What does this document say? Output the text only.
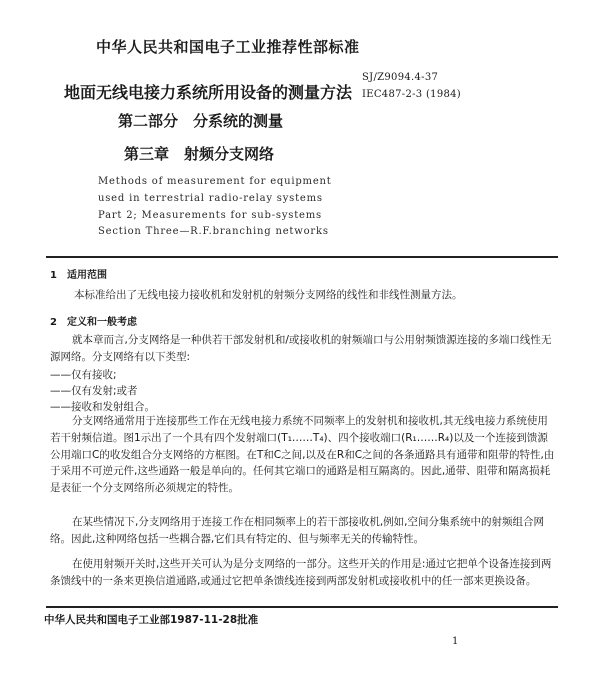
中华人民共和国电子工业推荐性部标准
地面无线电接力系统所用设备的测量方法
SJ/Z9094.4-37
IEC487-2-3 (1984)
第二部分　分系统的测量
第三章　射频分支网络
Methods of measurement for equipment
used in terrestrial radio-relay systems
Part 2; Measurements for sub-systems
Section Three—R.F.branching networks
1　适用范围
本标准给出了无线电接力接收机和发射机的射频分支网络的线性和非线性测量方法。
2　定义和一般考虑
就本章而言,分支网络是一种供若干部发射机和/或接收机的射频端口与公用射频馈源连接的多端口线性无源网络。分支网络有以下类型:
——仅有接收;
——仅有发射;或者
——接收和发射组合。
分支网络通常用于连接那些工作在无线电接力系统不同频率上的发射机和接收机,其无线电接力系统使用若干射频信道。图1示出了一个具有四个发射端口(T₁……T₄)、四个接收端口(R₁……R₄)以及一个连接到馈源公用端口C的收发组合分支网络的方框图。在T和C之间,以及在R和C之间的各条通路具有通带和阻带的特性,由于采用不可逆元件,这些通路一般是单向的。任何其它端口的通路是相互隔离的。因此,通带、阻带和隔离损耗是表征一个分支网络所必须规定的特性。
在某些情况下,分支网络用于连接工作在相同频率上的若干部接收机,例如,空间分集系统中的射频组合网络。因此,这种网络包括一些耦合器,它们具有特定的、但与频率无关的传输特性。
在使用射频开关时,这些开关可认为是分支网络的一部分。这些开关的作用是:通过它把单个设备连接到两条馈线中的一条来更换信道通路,或通过它把单条馈线连接到两部发射机或接收机中的任一部来更换设备。
中华人民共和国电子工业部1987-11-28批准
1
